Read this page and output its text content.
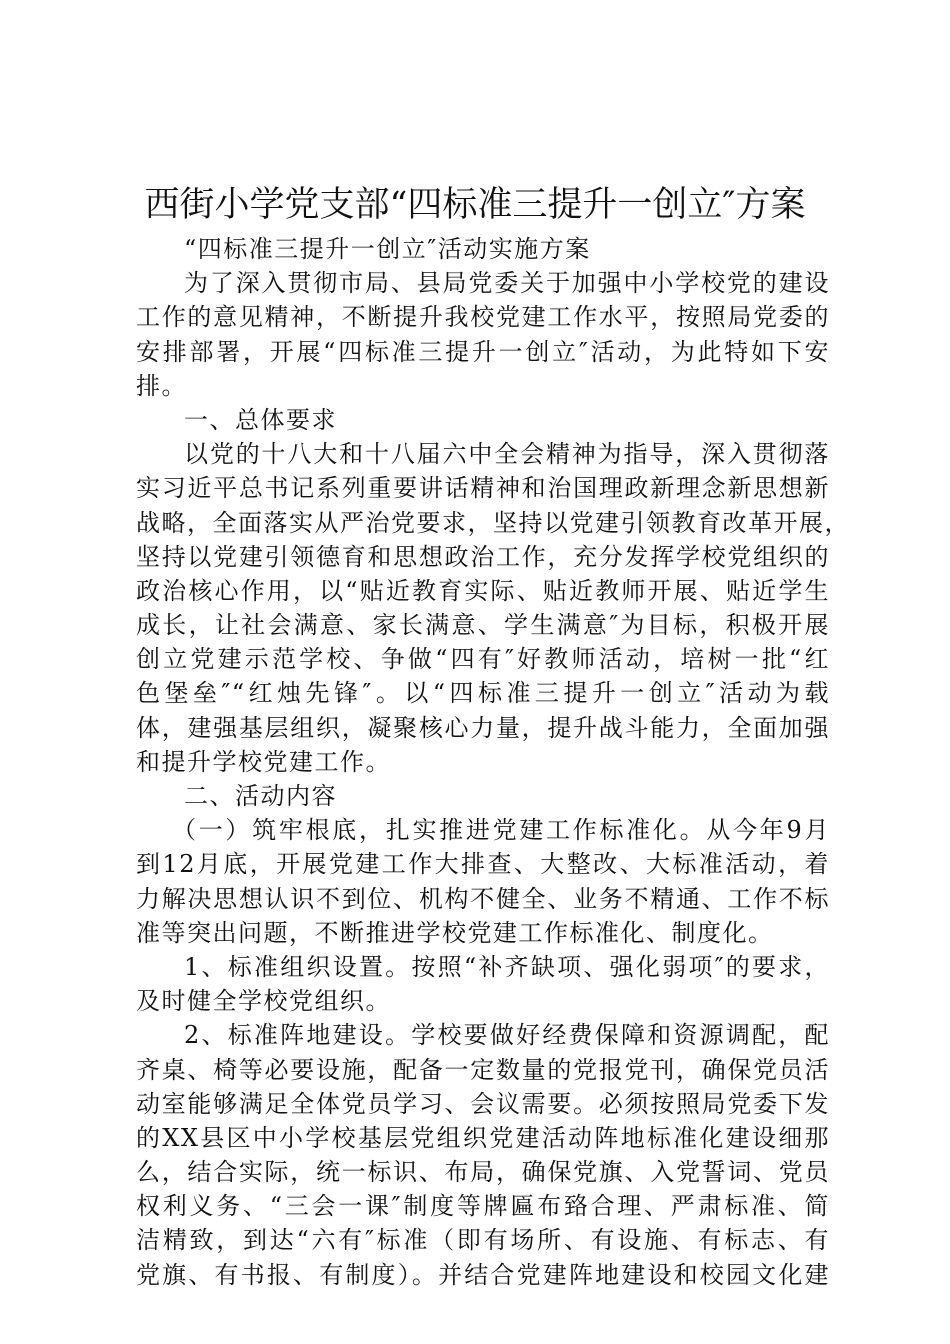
西街小学党支部“四标准三提升一创立″方案
“四标准三提升一创立″活动实施方案
为了深入贯彻市局、县局党委关于加强中小学校党的建设
工作的意见精神，不断提升我校党建工作水平，按照局党委的
安排部署，开展“四标准三提升一创立″活动，为此特如下安
排。
一、总体要求
以党的十八大和十八届六中全会精神为指导，深入贯彻落
实习近平总书记系列重要讲话精神和治国理政新理念新思想新
战略，全面落实从严治党要求，坚持以党建引领教育改革开展，
坚持以党建引领德育和思想政治工作，充分发挥学校党组织的
政治核心作用，以“贴近教育实际、贴近教师开展、贴近学生
成长，让社会满意、家长满意、学生满意″为目标，积极开展
创立党建示范学校、争做“四有″好教师活动，培树一批“红
色堡垒″“红烛先锋″。以“四标准三提升一创立″活动为载
体，建强基层组织，凝聚核心力量，提升战斗能力，全面加强
和提升学校党建工作。
二、活动内容
（一）筑牢根底，扎实推进党建工作标准化。从今年9月
到12月底，开展党建工作大排查、大整改、大标准活动，着
力解决思想认识不到位、机构不健全、业务不精通、工作不标
准等突出问题，不断推进学校党建工作标准化、制度化。
1、标准组织设置。按照“补齐缺项、强化弱项″的要求，
及时健全学校党组织。
2、标准阵地建设。学校要做好经费保障和资源调配，配
齐桌、椅等必要设施，配备一定数量的党报党刊，确保党员活
动室能够满足全体党员学习、会议需要。必须按照局党委下发
的XX县区中小学校基层党组织党建活动阵地标准化建设细那
么，结合实际，统一标识、布局，确保党旗、入党誓词、党员
权利义务、“三会一课″制度等牌匾布臵合理、严肃标准、简
洁精致，到达“六有″标准（即有场所、有设施、有标志、有
党旗、有书报、有制度）。并结合党建阵地建设和校园文化建
